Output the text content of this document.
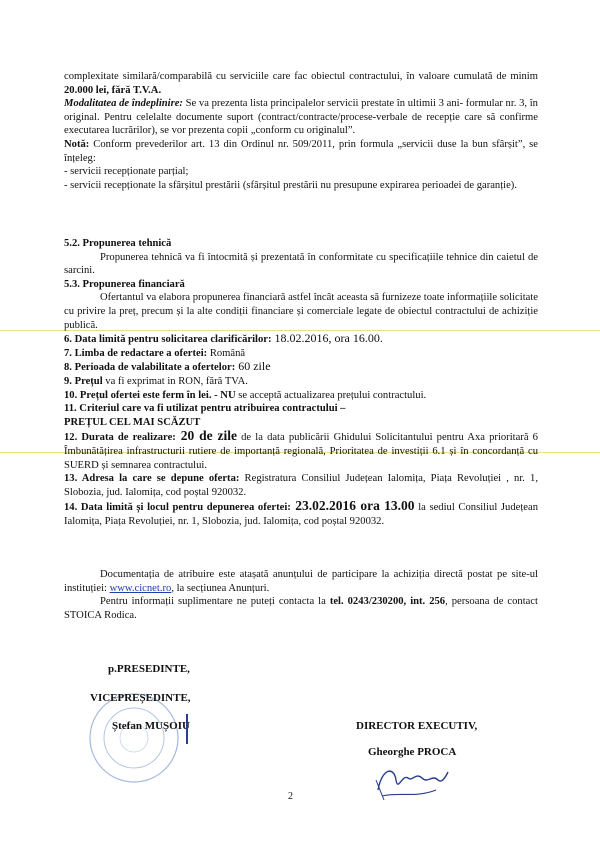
complexitate similară/comparabilă cu serviciile care fac obiectul contractului, în valoare cumulată de minim 20.000 lei, fără T.V.A.

Modalitatea de îndeplinire: Se va prezenta lista principalelor servicii prestate în ultimii 3 ani- formular nr. 3, în original. Pentru celelalte documente suport (contract/contracte/procese-verbale de recepție care să confirme executarea lucrărilor), se vor prezenta copii „conform cu originalul”.

Notă: Conform prevederilor art. 13 din Ordinul nr. 509/2011, prin formula „servicii duse la bun sfârșit”, se înțeleg:

- servicii recepționate parțial;

- servicii recepționate la sfârșitul prestării (sfârșitul prestării nu presupune expirarea perioadei de garanție).

5.2. Propunerea tehnică

Propunerea tehnică va fi întocmită și prezentată în conformitate cu specificațiile tehnice din caietul de sarcini.

5.3. Propunerea financiară

Ofertantul va elabora propunerea financiară astfel încât aceasta să furnizeze toate informațiile solicitate cu privire la preț, precum și la alte condiții financiare și comerciale legate de obiectul contractului de achiziție publică.

6. Data limită pentru solicitarea clarificărilor: 18.02.2016, ora 16.00.

7. Limba de redactare a ofertei: Română

8. Perioada de valabilitate a ofertelor: 60 zile

9. Prețul va fi exprimat in RON, fără TVA.

10. Prețul ofertei este ferm în lei. - NU se acceptă actualizarea prețului contractului.

11. Criteriul care va fi utilizat pentru atribuirea contractului –

PREȚUL CEL MAI SCĂZUT

12. Durata de realizare: 20 de zile de la data publicării Ghidului Solicitantului pentru Axa prioritară 6 Îmbunătățirea infrastructurii rutiere de importanță regională, Prioritatea de investiții 6.1 și în concordanță cu SUERD și semnarea contractului.

13. Adresa la care se depune oferta: Registratura Consiliul Județean Ialomița, Piața Revoluției , nr. 1, Slobozia, jud. Ialomița, cod poștal 920032.

14. Data limită și locul pentru depunerea ofertei: 23.02.2016 ora 13.00 la sediul Consiliul Județean Ialomița, Piața Revoluției, nr. 1, Slobozia, jud. Ialomița, cod poștal 920032.

Documentația de atribuire este atașată anunțului de participare la achiziția directă postat pe site-ul instituției: www.cicnet.ro, la secțiunea Anunțuri.

Pentru informații suplimentare ne puteți contacta la tel. 0243/230200, int. 256, persoana de contact STOICA Rodica.

p.PRESEDINTE,
VICEPREȘEDINTE,
Ștefan MUȘOIU	DIRECTOR EXECUTIV,
Gheorghe PROCA
2
